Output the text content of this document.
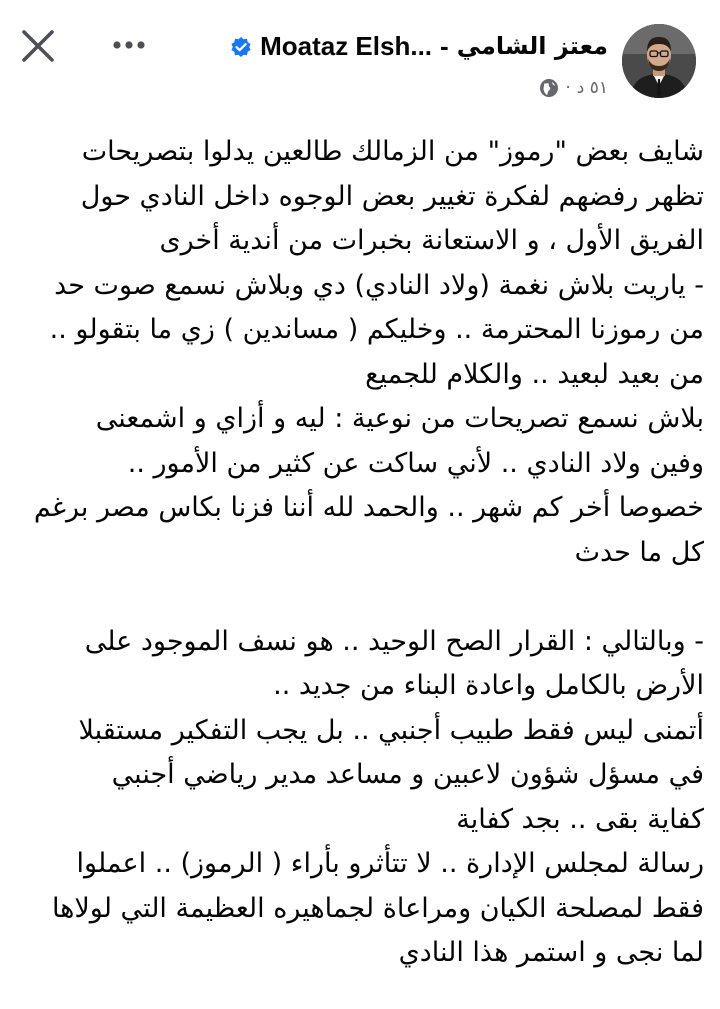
Moataz Elsh... - معتز الشامي
· ٥١ د
شايف بعض "رموز" من الزمالك طالعين يدلوا بتصريحات
تظهر رفضهم لفكرة تغيير بعض الوجوه داخل النادي حول
الفريق الأول ، و الاستعانة بخبرات من أندية أخرى
- ياريت بلاش نغمة (ولاد النادي) دي وبلاش نسمع صوت حد
من رموزنا المحترمة .. وخليكم ( مساندين ) زي ما بتقولو ..
من بعيد لبعيد .. والكلام للجميع
بلاش نسمع تصريحات من نوعية : ليه و أزاي و اشمعنى
وفين ولاد النادي .. لأني ساكت عن كثير من الأمور ..
خصوصا أخر كم شهر .. والحمد لله أننا فزنا بكاس مصر برغم
كل ما حدث
- وبالتالي : القرار الصح الوحيد .. هو نسف الموجود على
الأرض بالكامل واعادة البناء من جديد ..
أتمنى ليس فقط طبيب أجنبي .. بل يجب التفكير مستقبلا
في مسؤل شؤون لاعبين و مساعد مدير رياضي أجنبي
كفاية بقى .. بجد كفاية
رسالة لمجلس الإدارة .. لا تتأثرو بأراء ( الرموز) .. اعملوا
فقط لمصلحة الكيان ومراعاة لجماهيره العظيمة التي لولاها
لما نجى و استمر هذا النادي
